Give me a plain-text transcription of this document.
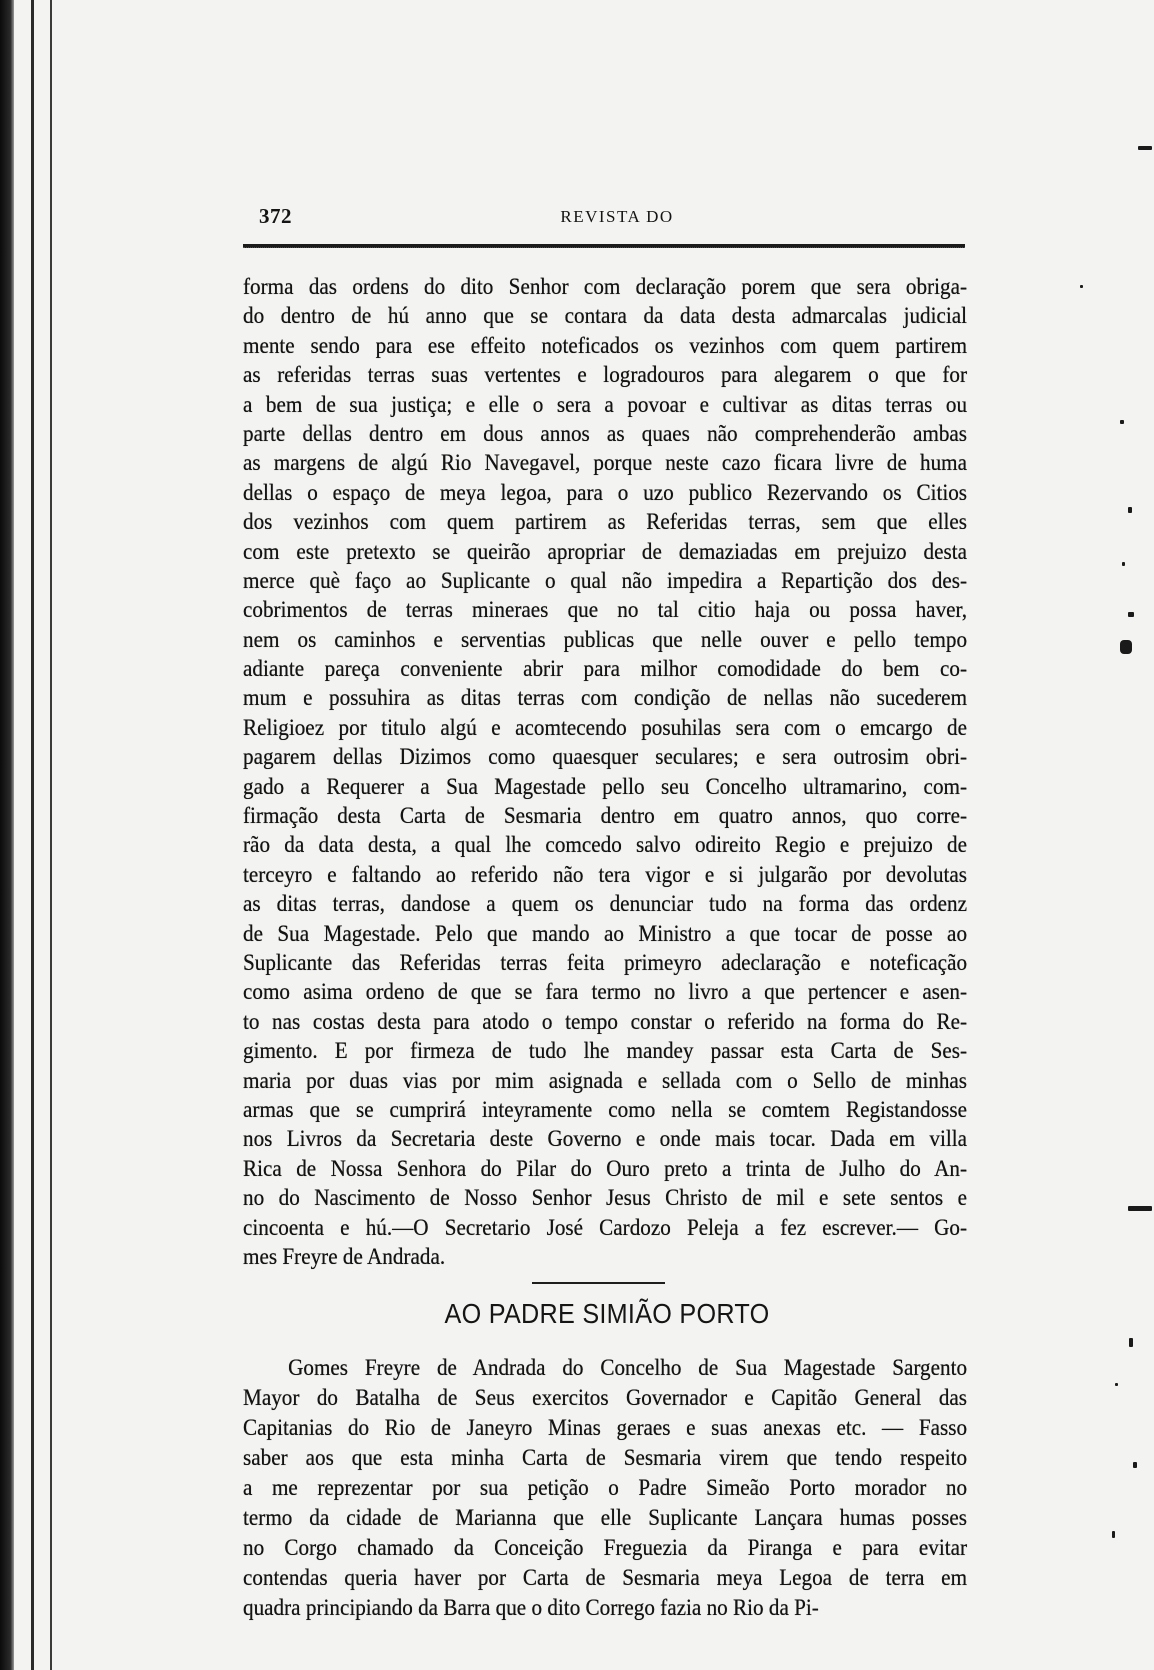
372	REVISTA DO
forma das ordens do dito Senhor com declaração porem que sera obriga-
do dentro de hú anno que se contara da data desta admarcalas judicial
mente sendo para ese effeito noteficados os vezinhos com quem partirem
as referidas terras suas vertentes e logradouros para alegarem o que for
a bem de sua justiça; e elle o sera a povoar e cultivar as ditas terras ou
parte dellas dentro em dous annos as quaes não comprehenderão ambas
as margens de algú Rio Navegavel, porque neste cazo ficara livre de huma
dellas o espaço de meya legoa, para o uzo publico Rezervando os Citios
dos vezinhos com quem partirem as Referidas terras, sem que elles
com este pretexto se queirão apropriar de demaziadas em prejuizo desta
merce què faço ao Suplicante o qual não impedira a Repartição dos des-
cobrimentos de terras mineraes que no tal citio haja ou possa haver,
nem os caminhos e serventias publicas que nelle ouver e pello tempo
adiante pareça conveniente abrir para milhor comodidade do bem co-
mum e possuhira as ditas terras com condição de nellas não sucederem
Religioez por titulo algú e acomtecendo posuhilas sera com o emcargo de
pagarem dellas Dizimos como quaesquer seculares; e sera outrosim obri-
gado a Requerer a Sua Magestade pello seu Concelho ultramarino, com-
firmação desta Carta de Sesmaria dentro em quatro annos, quo corre-
rão da data desta, a qual lhe comcedo salvo odireito Regio e prejuizo de
terceyro e faltando ao referido não tera vigor e si julgarão por devolutas
as ditas terras, dandose a quem os denunciar tudo na forma das ordenz
de Sua Magestade. Pelo que mando ao Ministro a que tocar de posse ao
Suplicante das Referidas terras feita primeyro adeclaração e noteficação
como asima ordeno de que se fara termo no livro a que pertencer e asen-
to nas costas desta para atodo o tempo constar o referido na forma do Re-
gimento. E por firmeza de tudo lhe mandey passar esta Carta de Ses-
maria por duas vias por mim asignada e sellada com o Sello de minhas
armas que se cumprirá inteyramente como nella se comtem Registandosse
nos Livros da Secretaria deste Governo e onde mais tocar. Dada em villa
Rica de Nossa Senhora do Pilar do Ouro preto a trinta de Julho do An-
no do Nascimento de Nosso Senhor Jesus Christo de mil e sete sentos e
cincoenta e hú.—O Secretario José Cardozo Peleja a fez escrever.— Go-
mes Freyre de Andrada.
AO PADRE SIMIÃO PORTO
Gomes Freyre de Andrada do Concelho de Sua Magestade Sargento
Mayor do Batalha de Seus exercitos Governador e Capitão General das
Capitanias do Rio de Janeyro Minas geraes e suas anexas etc. — Fasso
saber aos que esta minha Carta de Sesmaria virem que tendo respeito
a me reprezentar por sua petição o Padre Simeão Porto morador no
termo da cidade de Marianna que elle Suplicante Lançara humas posses
no Corgo chamado da Conceição Freguezia da Piranga e para evitar
contendas queria haver por Carta de Sesmaria meya Legoa de terra em
quadra principiando da Barra que o dito Corrego fazia no Rio da Pi-
